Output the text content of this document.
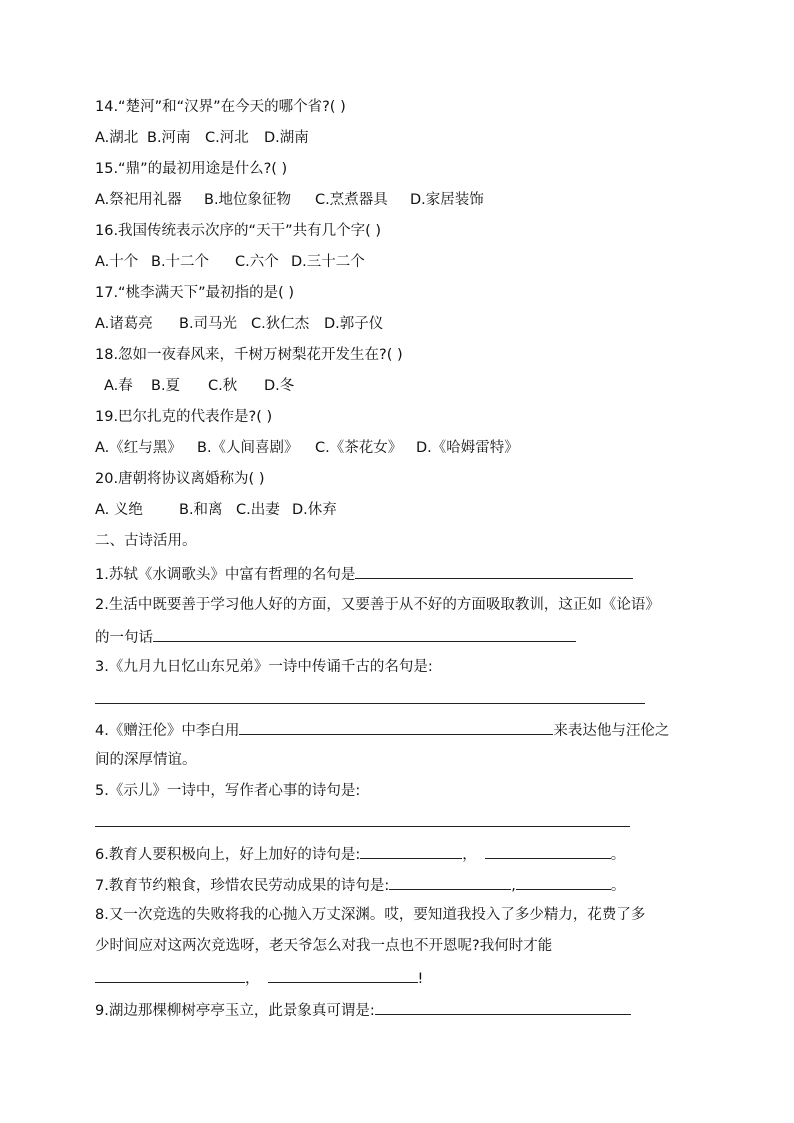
14.“楚河”和“汉界”在今天的哪个省?( )
A.湖北 B.河南 C.河北 D.湖南
15.“鼎”的最初用途是什么?( )
A.祭祀用礼器 B.地位象征物 C.烹煮器具 D.家居装饰
16.我国传统表示次序的“天干”共有几个字( )
A.十个 B.十二个 C.六个 D.三十二个
17.“桃李满天下”最初指的是( )
A.诸葛亮 B.司马光 C.狄仁杰 D.郭子仪
18.忽如一夜春风来，千树万树梨花开发生在?( )
A.春 B.夏 C.秋 D.冬
19.巴尔扎克的代表作是?( )
A.《红与黑》 B.《人间喜剧》 C.《茶花女》 D.《哈姆雷特》
20.唐朝将协议离婚称为( )
A. 义绝 B.和离 C.出妻 D.休弃
二、古诗活用。
1.苏轼《水调歌头》中富有哲理的名句是
2.生活中既要善于学习他人好的方面，又要善于从不好的方面吸取教训，这正如《论语》
的一句话
3.《九月九日忆山东兄弟》一诗中传诵千古的名句是:
4.《赠汪伦》中李白用	来表达他与汪伦之
间的深厚情谊。
5.《示儿》一诗中，写作者心事的诗句是:
6.教育人要积极向上，好上加好的诗句是:	，	。
7.教育节约粮食，珍惜农民劳动成果的诗句是:	,	。
8.又一次竞选的失败将我的心抛入万丈深渊。哎，要知道我投入了多少精力，花费了多
少时间应对这两次竞选呀，老天爷怎么对我一点也不开恩呢?我何时才能
，	!
9.湖边那棵柳树亭亭玉立，此景象真可谓是:
